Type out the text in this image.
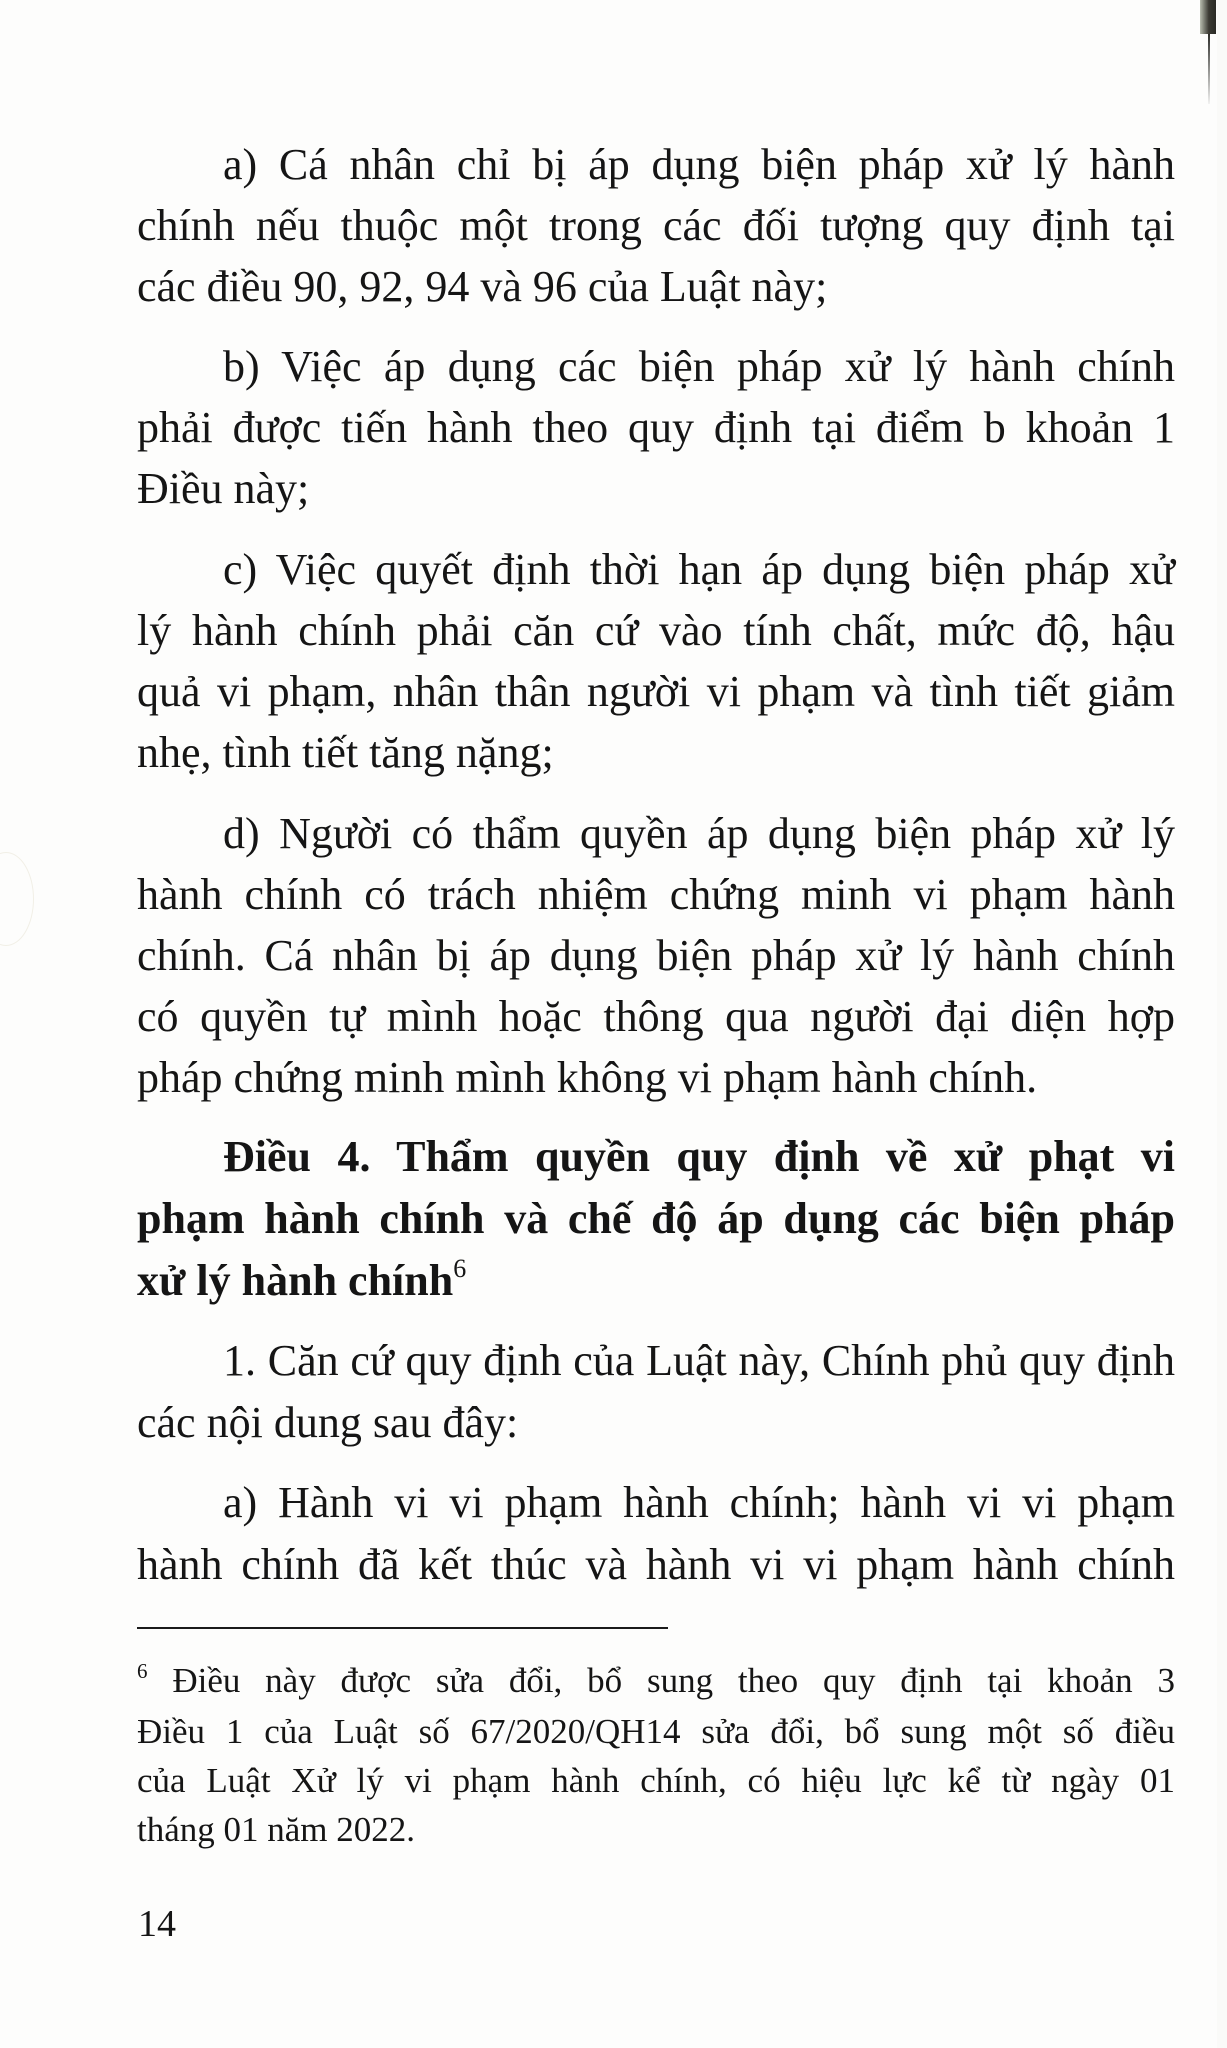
a) Cá nhân chỉ bị áp dụng biện pháp xử lý hành
chính nếu thuộc một trong các đối tượng quy định tại
các điều 90, 92, 94 và 96 của Luật này;
b) Việc áp dụng các biện pháp xử lý hành chính
phải được tiến hành theo quy định tại điểm b khoản 1
Điều này;
c) Việc quyết định thời hạn áp dụng biện pháp xử
lý hành chính phải căn cứ vào tính chất, mức độ, hậu
quả vi phạm, nhân thân người vi phạm và tình tiết giảm
nhẹ, tình tiết tăng nặng;
d) Người có thẩm quyền áp dụng biện pháp xử lý
hành chính có trách nhiệm chứng minh vi phạm hành
chính. Cá nhân bị áp dụng biện pháp xử lý hành chính
có quyền tự mình hoặc thông qua người đại diện hợp
pháp chứng minh mình không vi phạm hành chính.
Điều 4. Thẩm quyền quy định về xử phạt vi
phạm hành chính và chế độ áp dụng các biện pháp
xử lý hành chính$^6$
1. Căn cứ quy định của Luật này, Chính phủ quy định
các nội dung sau đây:
a) Hành vi vi phạm hành chính; hành vi vi phạm
hành chính đã kết thúc và hành vi vi phạm hành chính
$^6$ Điều này được sửa đổi, bổ sung theo quy định tại khoản 3
Điều 1 của Luật số 67/2020/QH14 sửa đổi, bổ sung một số điều
của Luật Xử lý vi phạm hành chính, có hiệu lực kể từ ngày 01
tháng 01 năm 2022.
14
